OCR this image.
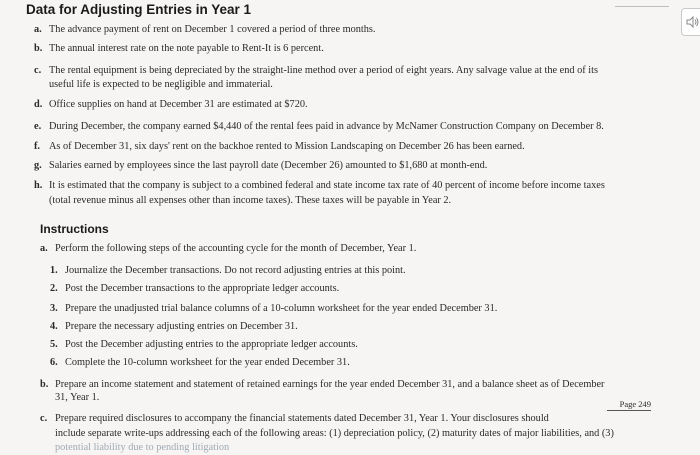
Data for Adjusting Entries in Year 1
a. The advance payment of rent on December 1 covered a period of three months.
b. The annual interest rate on the note payable to Rent-It is 6 percent.
c. The rental equipment is being depreciated by the straight-line method over a period of eight years. Any salvage value at the end of its
useful life is expected to be negligible and immaterial.
d. Office supplies on hand at December 31 are estimated at $720.
e. During December, the company earned $4,440 of the rental fees paid in advance by McNamer Construction Company on December 8.
f. As of December 31, six days' rent on the backhoe rented to Mission Landscaping on December 26 has been earned.
g. Salaries earned by employees since the last payroll date (December 26) amounted to $1,680 at month-end.
h. It is estimated that the company is subject to a combined federal and state income tax rate of 40 percent of income before income taxes
(total revenue minus all expenses other than income taxes). These taxes will be payable in Year 2.
Instructions
a. Perform the following steps of the accounting cycle for the month of December, Year 1.
1. Journalize the December transactions. Do not record adjusting entries at this point.
2. Post the December transactions to the appropriate ledger accounts.
3. Prepare the unadjusted trial balance columns of a 10-column worksheet for the year ended December 31.
4. Prepare the necessary adjusting entries on December 31.
5. Post the December adjusting entries to the appropriate ledger accounts.
6. Complete the 10-column worksheet for the year ended December 31.
b. Prepare an income statement and statement of retained earnings for the year ended December 31, and a balance sheet as of December
31, Year 1.
Page 249
c. Prepare required disclosures to accompany the financial statements dated December 31, Year 1. Your disclosures should
include separate write-ups addressing each of the following areas: (1) depreciation policy, (2) maturity dates of major liabilities, and (3)
potential liability due to pending litigation
